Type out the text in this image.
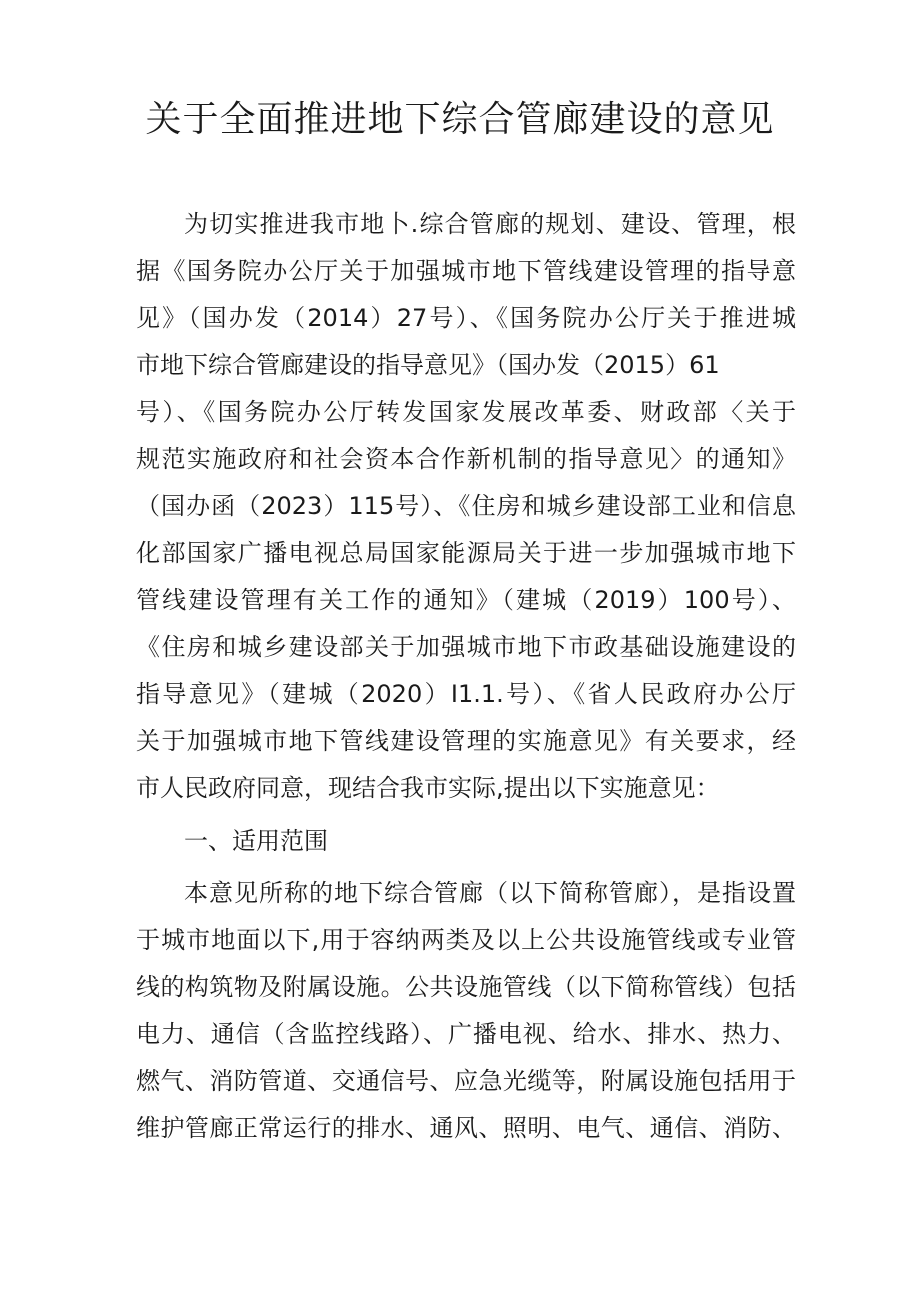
关于全面推进地下综合管廊建设的意见
为切实推进我市地卜.综合管廊的规划、建设、管理，根
据《国务院办公厅关于加强城市地下管线建设管理的指导意
见》（国办发（2014）27号）、《国务院办公厅关于推进城
市地下综合管廊建设的指导意见》（国办发（2015）61
号）、《国务院办公厅转发国家发展改革委、财政部〈关于
规范实施政府和社会资本合作新机制的指导意见〉的通知》
（国办函（2023）115号）、《住房和城乡建设部工业和信息
化部国家广播电视总局国家能源局关于进一步加强城市地下
管线建设管理有关工作的通知》（建城（2019）100号）、
《住房和城乡建设部关于加强城市地下市政基础设施建设的
指导意见》（建城（2020）I1.1.号）、《省人民政府办公厅
关于加强城市地下管线建设管理的实施意见》有关要求，经
市人民政府同意，现结合我市实际,提出以下实施意见：
一、适用范围
本意见所称的地下综合管廊（以下简称管廊），是指设置
于城市地面以下,用于容纳两类及以上公共设施管线或专业管
线的构筑物及附属设施。公共设施管线（以下简称管线）包括
电力、通信（含监控线路）、广播电视、给水、排水、热力、
燃气、消防管道、交通信号、应急光缆等，附属设施包括用于
维护管廊正常运行的排水、通风、照明、电气、通信、消防、
